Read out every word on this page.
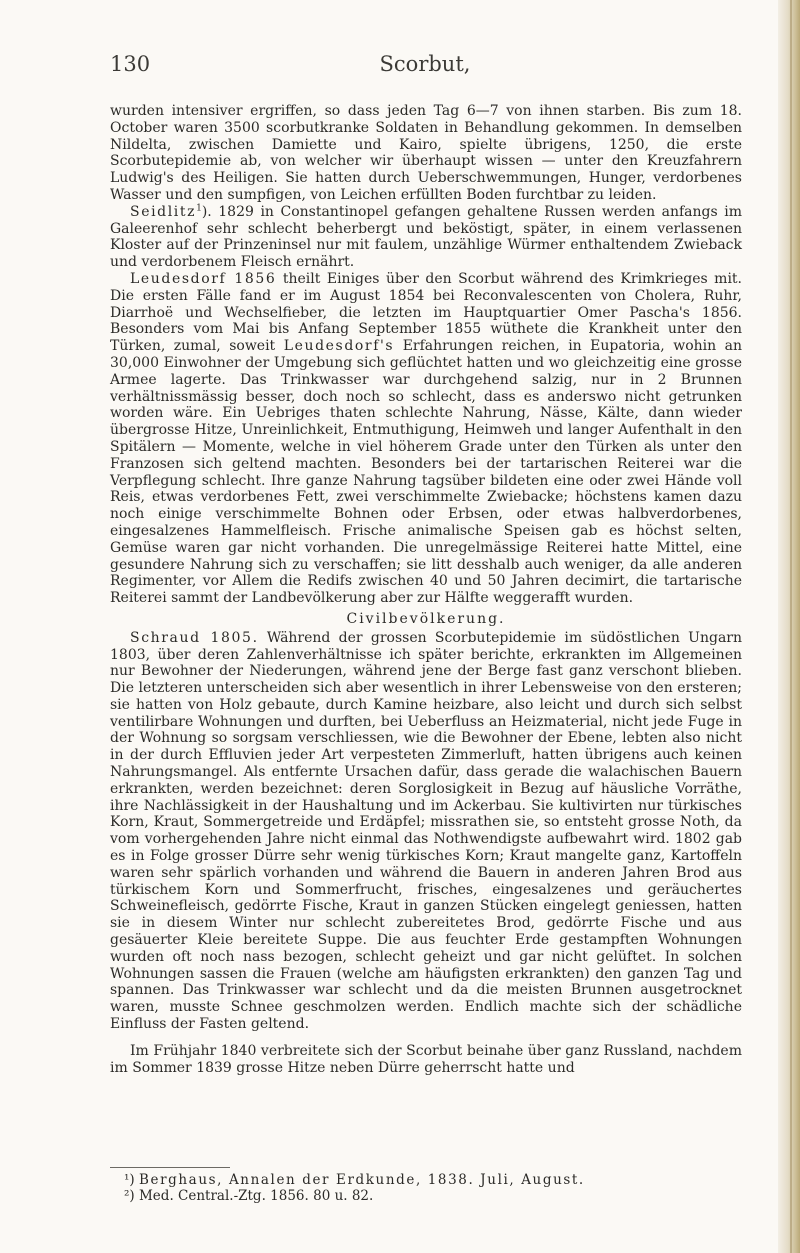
130	Scorbut,

wurden intensiver ergriffen, so dass jeden Tag 6—7 von ihnen starben. Bis zum 18. October waren 3500 scorbutkranke Soldaten in Behandlung gekommen. In demselben Nildelta, zwischen Damiette und Kairo, spielte übrigens, 1250, die erste Scorbutepidemie ab, von welcher wir überhaupt wissen — unter den Kreuzfahrern Ludwig's des Heiligen. Sie hatten durch Ueberschwemmungen, Hunger, verdorbenes Wasser und den sumpfigen, von Leichen erfüllten Boden furchtbar zu leiden.

Seidlitz$^1$). 1829 in Constantinopel gefangen gehaltene Russen werden anfangs im Galeerenhof sehr schlecht beherbergt und beköstigt, später, in einem verlassenen Kloster auf der Prinzeninsel nur mit faulem, unzählige Würmer enthaltendem Zwieback und verdorbenem Fleisch ernährt.

Leudesdorf 1856 theilt Einiges über den Scorbut während des Krimkrieges mit. Die ersten Fälle fand er im August 1854 bei Reconvalescenten von Cholera, Ruhr, Diarrhoë und Wechselfieber, die letzten im Hauptquartier Omer Pascha's 1856. Besonders vom Mai bis Anfang September 1855 wüthete die Krankheit unter den Türken, zumal, soweit Leudesdorf's Erfahrungen reichen, in Eupatoria, wohin an 30,000 Einwohner der Umgebung sich geflüchtet hatten und wo gleichzeitig eine grosse Armee lagerte. Das Trinkwasser war durchgehend salzig, nur in 2 Brunnen verhältnissmässig besser, doch noch so schlecht, dass es anderswo nicht getrunken worden wäre. Ein Uebriges thaten schlechte Nahrung, Nässe, Kälte, dann wieder übergrosse Hitze, Unreinlichkeit, Entmuthigung, Heimweh und langer Aufenthalt in den Spitälern — Momente, welche in viel höherem Grade unter den Türken als unter den Franzosen sich geltend machten. Besonders bei der tartarischen Reiterei war die Verpflegung schlecht. Ihre ganze Nahrung tagsüber bildeten eine oder zwei Hände voll Reis, etwas verdorbenes Fett, zwei verschimmelte Zwiebacke; höchstens kamen dazu noch einige verschimmelte Bohnen oder Erbsen, oder etwas halbverdorbenes, eingesalzenes Hammelfleisch. Frische animalische Speisen gab es höchst selten, Gemüse waren gar nicht vorhanden. Die unregelmässige Reiterei hatte Mittel, eine gesundere Nahrung sich zu verschaffen; sie litt desshalb auch weniger, da alle anderen Regimenter, vor Allem die Redifs zwischen 40 und 50 Jahren decimirt, die tartarische Reiterei sammt der Landbevölkerung aber zur Hälfte weggerafft wurden.

Civilbevölkerung.

Schraud 1805. Während der grossen Scorbutepidemie im südöstlichen Ungarn 1803, über deren Zahlenverhältnisse ich später berichte, erkrankten im Allgemeinen nur Bewohner der Niederungen, während jene der Berge fast ganz verschont blieben. Die letzteren unterscheiden sich aber wesentlich in ihrer Lebensweise von den ersteren; sie hatten von Holz gebaute, durch Kamine heizbare, also leicht und durch sich selbst ventilirbare Wohnungen und durften, bei Ueberfluss an Heizmaterial, nicht jede Fuge in der Wohnung so sorgsam verschliessen, wie die Bewohner der Ebene, lebten also nicht in der durch Effluvien jeder Art verpesteten Zimmerluft, hatten übrigens auch keinen Nahrungsmangel. Als entfernte Ursachen dafür, dass gerade die walachischen Bauern erkrankten, werden bezeichnet: deren Sorglosigkeit in Bezug auf häusliche Vorräthe, ihre Nachlässigkeit in der Haushaltung und im Ackerbau. Sie kultivirten nur türkisches Korn, Kraut, Sommergetreide und Erdäpfel; missrathen sie, so entsteht grosse Noth, da vom vorhergehenden Jahre nicht einmal das Nothwendigste aufbewahrt wird. 1802 gab es in Folge grosser Dürre sehr wenig türkisches Korn; Kraut mangelte ganz, Kartoffeln waren sehr spärlich vorhanden und während die Bauern in anderen Jahren Brod aus türkischem Korn und Sommerfrucht, frisches, eingesalzenes und geräuchertes Schweinefleisch, gedörrte Fische, Kraut in ganzen Stücken eingelegt geniessen, hatten sie in diesem Winter nur schlecht zubereitetes Brod, gedörrte Fische und aus gesäuerter Kleie bereitete Suppe. Die aus feuchter Erde gestampften Wohnungen wurden oft noch nass bezogen, schlecht geheizt und gar nicht gelüftet. In solchen Wohnungen sassen die Frauen (welche am häufigsten erkrankten) den ganzen Tag und spannen. Das Trinkwasser war schlecht und da die meisten Brunnen ausgetrocknet waren, musste Schnee geschmolzen werden. Endlich machte sich der schädliche Einfluss der Fasten geltend.

Im Frühjahr 1840 verbreitete sich der Scorbut beinahe über ganz Russland, nachdem im Sommer 1839 grosse Hitze neben Dürre geherrscht hatte und

¹) Berghaus, Annalen der Erdkunde, 1838. Juli, August.
²) Med. Central.-Ztg. 1856. 80 u. 82.
